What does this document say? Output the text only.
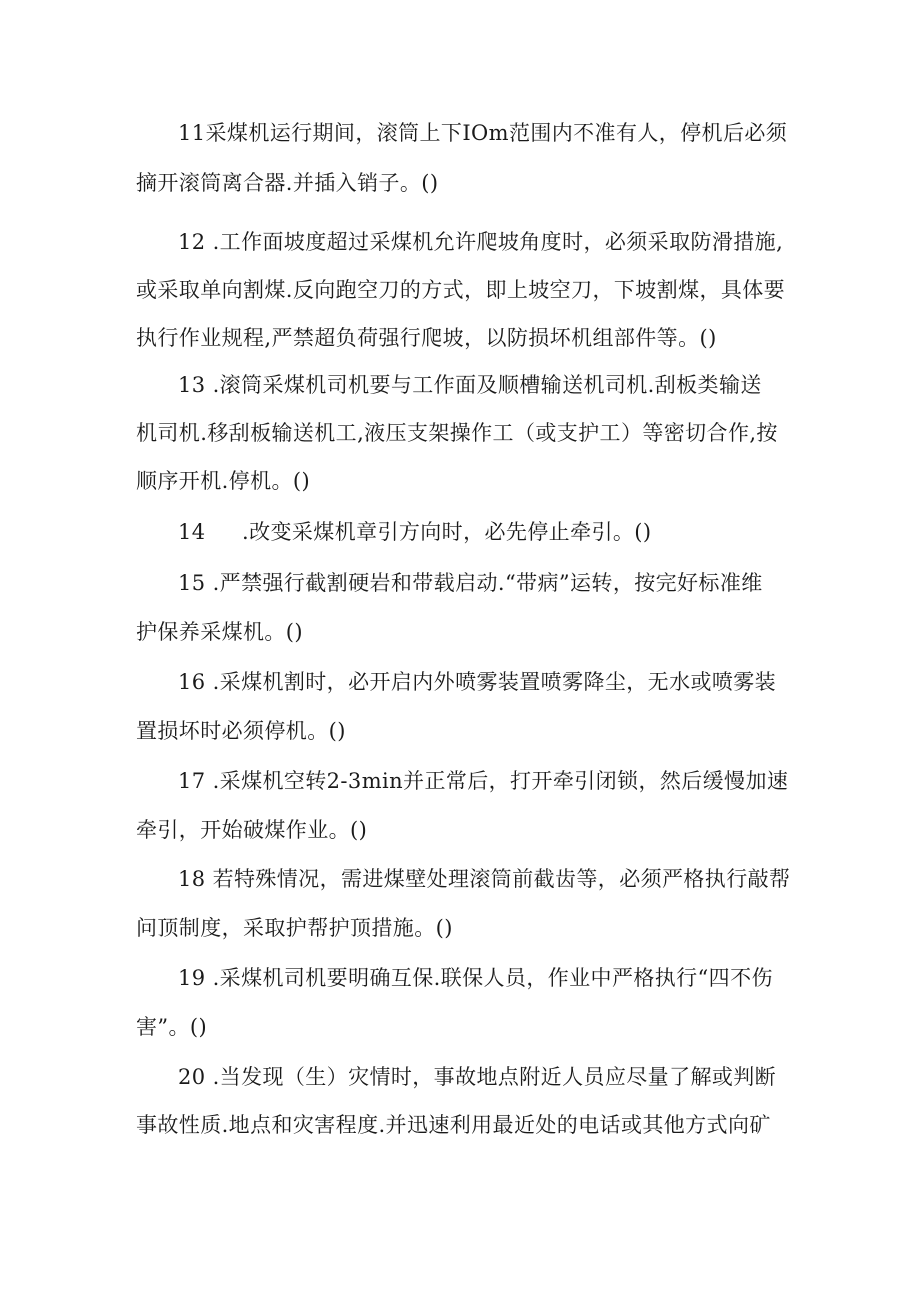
11采煤机运行期间，滚筒上下IOm范围内不准有人，停机后必须
摘开滚筒离合器.并插入销子。()
12 .工作面坡度超过采煤机允许爬坡角度时，必须采取防滑措施,
或采取单向割煤.反向跑空刀的方式，即上坡空刀，下坡割煤，具体要
执行作业规程,严禁超负荷强行爬坡，以防损坏机组部件等。()
13 .滚筒采煤机司机要与工作面及顺槽输送机司机.刮板类输送
机司机.移刮板输送机工,液压支架操作工（或支护工）等密切合作,按
顺序开机.停机。()
14 .改变采煤机章引方向时，必先停止牵引。()
15 .严禁强行截割硬岩和带载启动.“带病”运转，按完好标准维
护保养采煤机。()
16 .采煤机割时，必开启内外喷雾装置喷雾降尘，无水或喷雾装
置损坏时必须停机。()
17 .采煤机空转2-3min并正常后，打开牵引闭锁，然后缓慢加速
牵引，开始破煤作业。()
18 若特殊情况，需进煤壁处理滚筒前截齿等，必须严格执行敲帮
问顶制度，采取护帮护顶措施。()
19 .采煤机司机要明确互保.联保人员，作业中严格执行“四不伤
害”。()
20 .当发现（生）灾情时，事故地点附近人员应尽量了解或判断
事故性质.地点和灾害程度.并迅速利用最近处的电话或其他方式向矿
